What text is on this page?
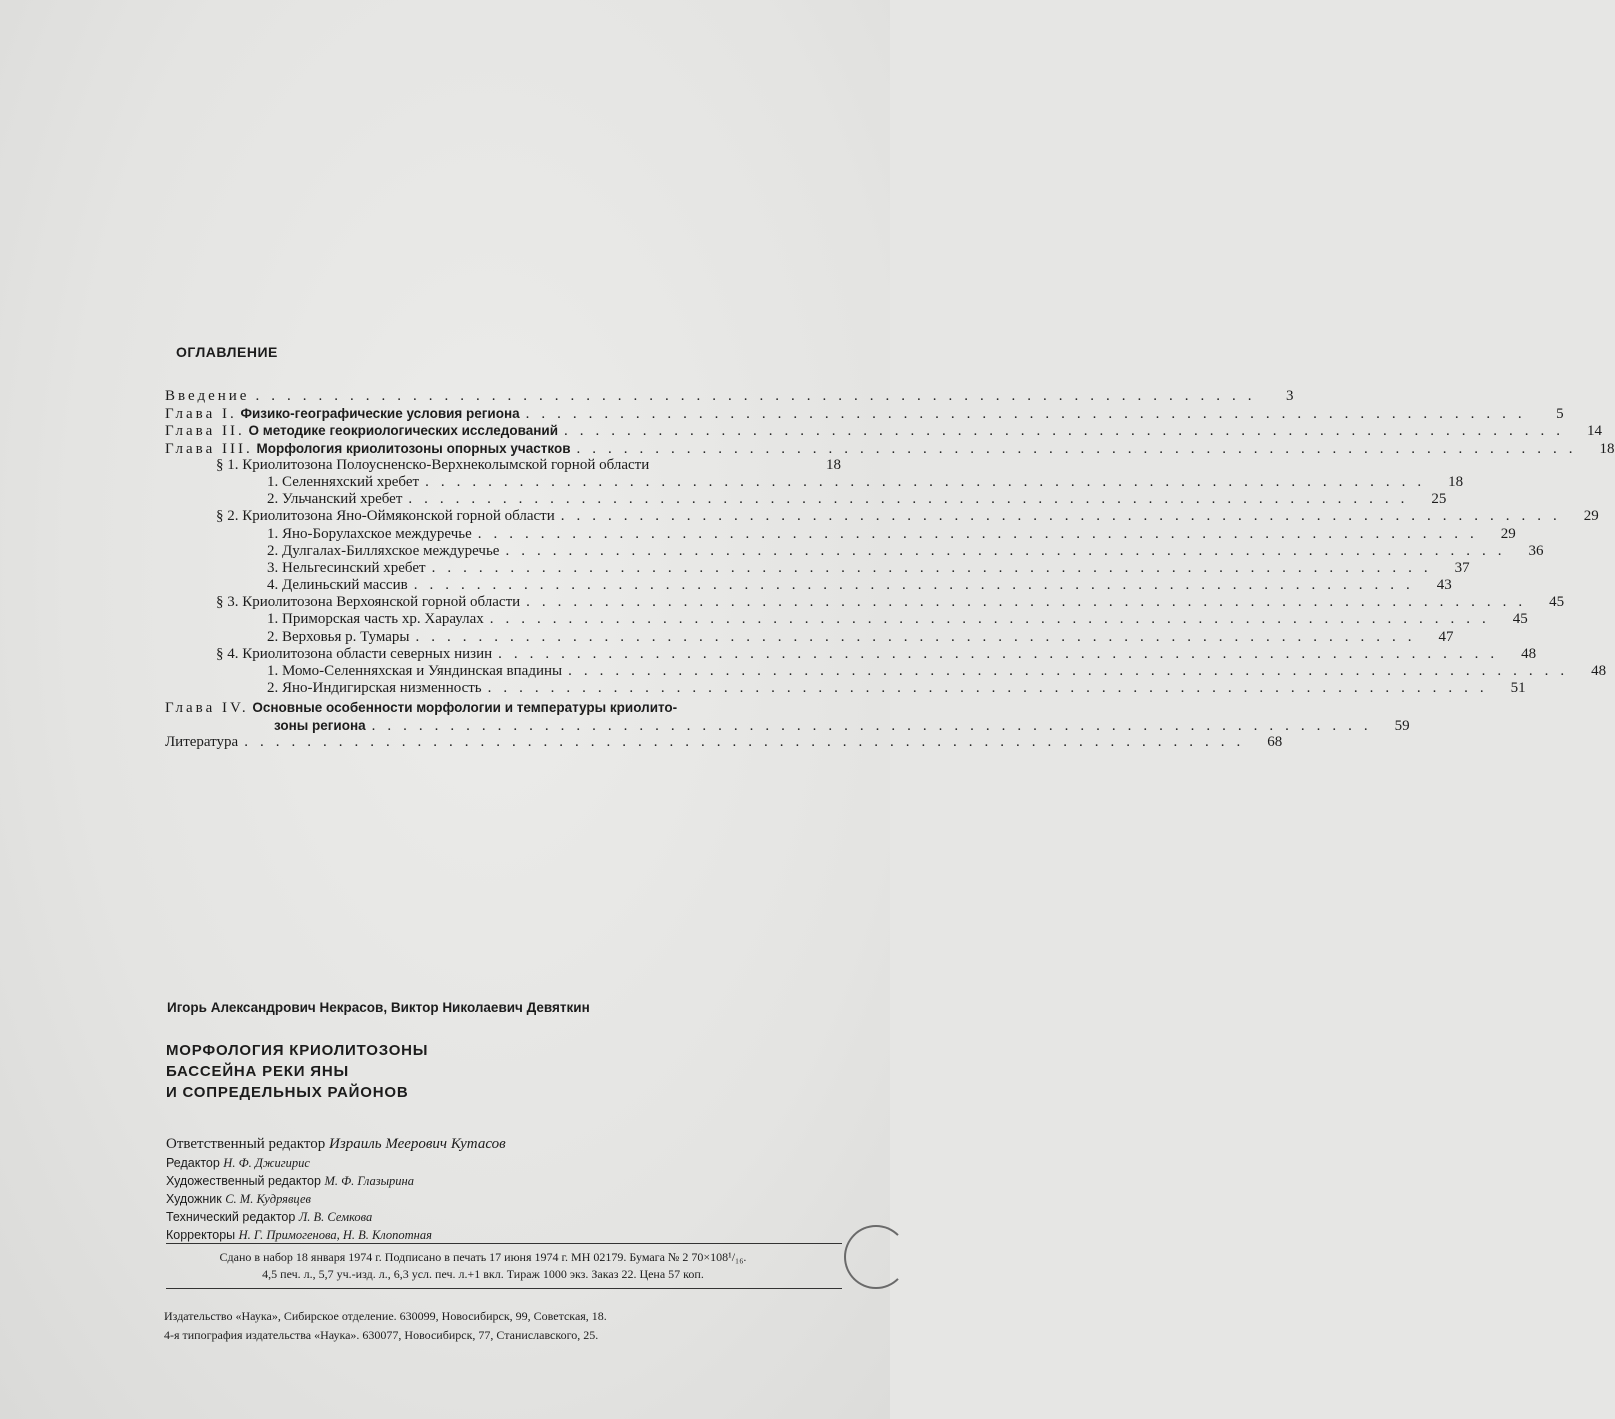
ОГЛАВЛЕНИЕ
Введение ................................................................	3
Глава I. Физико-географические условия региона ................................................................	5
Глава II. О методике геокриологических исследований ................................................................	14
Глава III. Морфология криолитозоны опорных участков ................................................................	18
§ 1. Криолитозона Полоусненско-Верхнеколымской горной области	18
1. Селенняхский хребет ................................................................	18
2. Ульчанский хребет ................................................................	25
§ 2. Криолитозона Яно-Оймяконской горной области ................................................................	29
1. Яно-Борулахское междуречье ................................................................	29
2. Дулгалах-Билляхское междуречье ................................................................	36
3. Нельгесинский хребет ................................................................	37
4. Делиньский массив ................................................................	43
§ 3. Криолитозона Верхоянской горной области ................................................................	45
1. Приморская часть хр. Хараулах ................................................................	45
2. Верховья р. Тумары ................................................................	47
§ 4. Криолитозона области северных низин ................................................................	48
1. Момо-Селенняхская и Уяндинская впадины ................................................................	48
2. Яно-Индигирская низменность ................................................................	51
Глава IV. Основные особенности морфологии и температуры криолито-
зоны региона ................................................................	59
Литература ................................................................	68
Игорь Александрович Некрасов, Виктор Николаевич Девяткин
МОРФОЛОГИЯ КРИОЛИТОЗОНЫ
БАССЕЙНА РЕКИ ЯНЫ
И СОПРЕДЕЛЬНЫХ РАЙОНОВ
Ответственный редактор Израиль Меерович Кутасов
Редактор Н. Ф. Джигирис
Художественный редактор М. Ф. Глазырина
Художник С. М. Кудрявцев
Технический редактор Л. В. Семкова
Корректоры Н. Г. Примогенова, Н. В. Клопотная
Сдано в набор 18 января 1974 г. Подписано в печать 17 июня 1974 г. МН 02179. Бумага № 2 70×108¹/₁₆.
4,5 печ. л., 5,7 уч.-изд. л., 6,3 усл. печ. л.+1 вкл. Тираж 1000 экз. Заказ 22. Цена 57 коп.
Издательство «Наука», Сибирское отделение. 630099, Новосибирск, 99, Советская, 18.
4-я типография издательства «Наука». 630077, Новосибирск, 77, Станиславского, 25.
